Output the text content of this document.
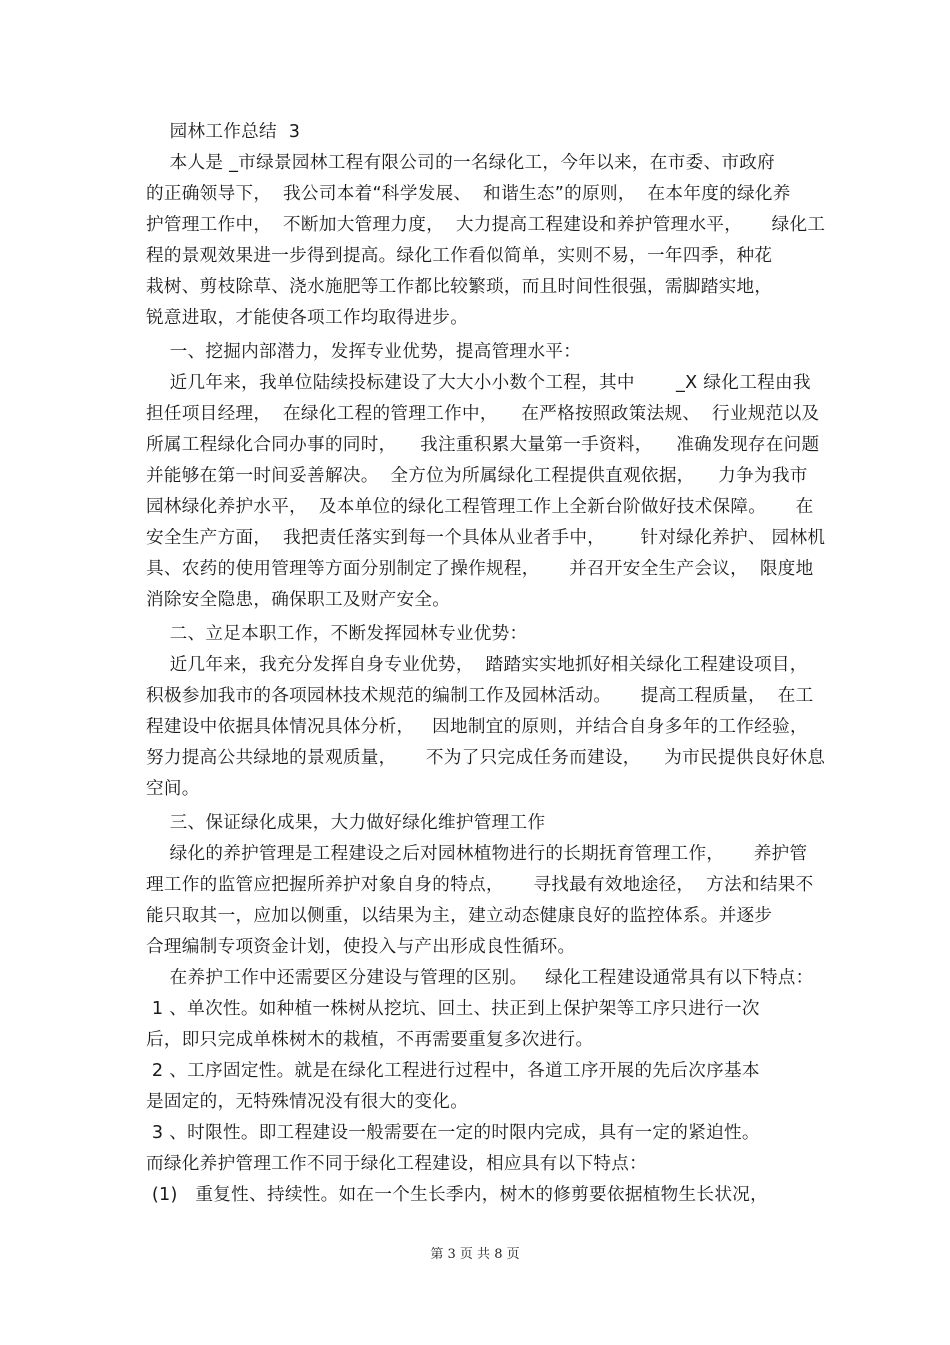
园林工作总结  3
本人是 _市绿景园林工程有限公司的一名绿化工，今年以来，在市委、市政府
的正确领导下，  我公司本着“科学发展、  和谐生态”的原则，  在本年度的绿化养
护管理工作中，  不断加大管理力度，  大力提高工程建设和养护管理水平，     绿化工
程的景观效果进一步得到提高。绿化工作看似简单，实则不易，一年四季，种花
栽树、剪枝除草、浇水施肥等工作都比较繁琐，而且时间性很强，需脚踏实地，
锐意进取，才能使各项工作均取得进步。
一、挖掘内部潜力，发挥专业优势，提高管理水平：
近几年来，我单位陆续投标建设了大大小小数个工程，其中       _X 绿化工程由我
担任项目经理，  在绿化工程的管理工作中，    在严格按照政策法规、  行业规范以及
所属工程绿化合同办事的同时，    我注重积累大量第一手资料，    准确发现存在问题
并能够在第一时间妥善解决。  全方位为所属绿化工程提供直观依据，    力争为我市
园林绿化养护水平，  及本单位的绿化工程管理工作上全新台阶做好技术保障。     在
安全生产方面，  我把责任落实到每一个具体从业者手中，      针对绿化养护、 园林机
具、农药的使用管理等方面分别制定了操作规程，     并召开安全生产会议，  限度地
消除安全隐患，确保职工及财产安全。
二、立足本职工作，不断发挥园林专业优势：
近几年来，我充分发挥自身专业优势，  踏踏实实地抓好相关绿化工程建设项目，
积极参加我市的各项园林技术规范的编制工作及园林活动。     提高工程质量，  在工
程建设中依据具体情况具体分析，   因地制宜的原则，并结合自身多年的工作经验，
努力提高公共绿地的景观质量，     不为了只完成任务而建设，    为市民提供良好休息
空间。
三、保证绿化成果，大力做好绿化维护管理工作
绿化的养护管理是工程建设之后对园林植物进行的长期抚育管理工作，     养护管
理工作的监管应把握所养护对象自身的特点，     寻找最有效地途径，  方法和结果不
能只取其一，应加以侧重，以结果为主，建立动态健康良好的监控体系。并逐步
合理编制专项资金计划，使投入与产出形成良性循环。
在养护工作中还需要区分建设与管理的区别。   绿化工程建设通常具有以下特点：
1 、单次性。如种植一株树从挖坑、回土、扶正到上保护架等工序只进行一次
后，即只完成单株树木的栽植，不再需要重复多次进行。
2 、工序固定性。就是在绿化工程进行过程中，各道工序开展的先后次序基本
是固定的，无特殊情况没有很大的变化。
3 、时限性。即工程建设一般需要在一定的时限内完成，具有一定的紧迫性。
而绿化养护管理工作不同于绿化工程建设，相应具有以下特点：
(1)   重复性、持续性。如在一个生长季内，树木的修剪要依据植物生长状况，
第 3 页 共 8 页
